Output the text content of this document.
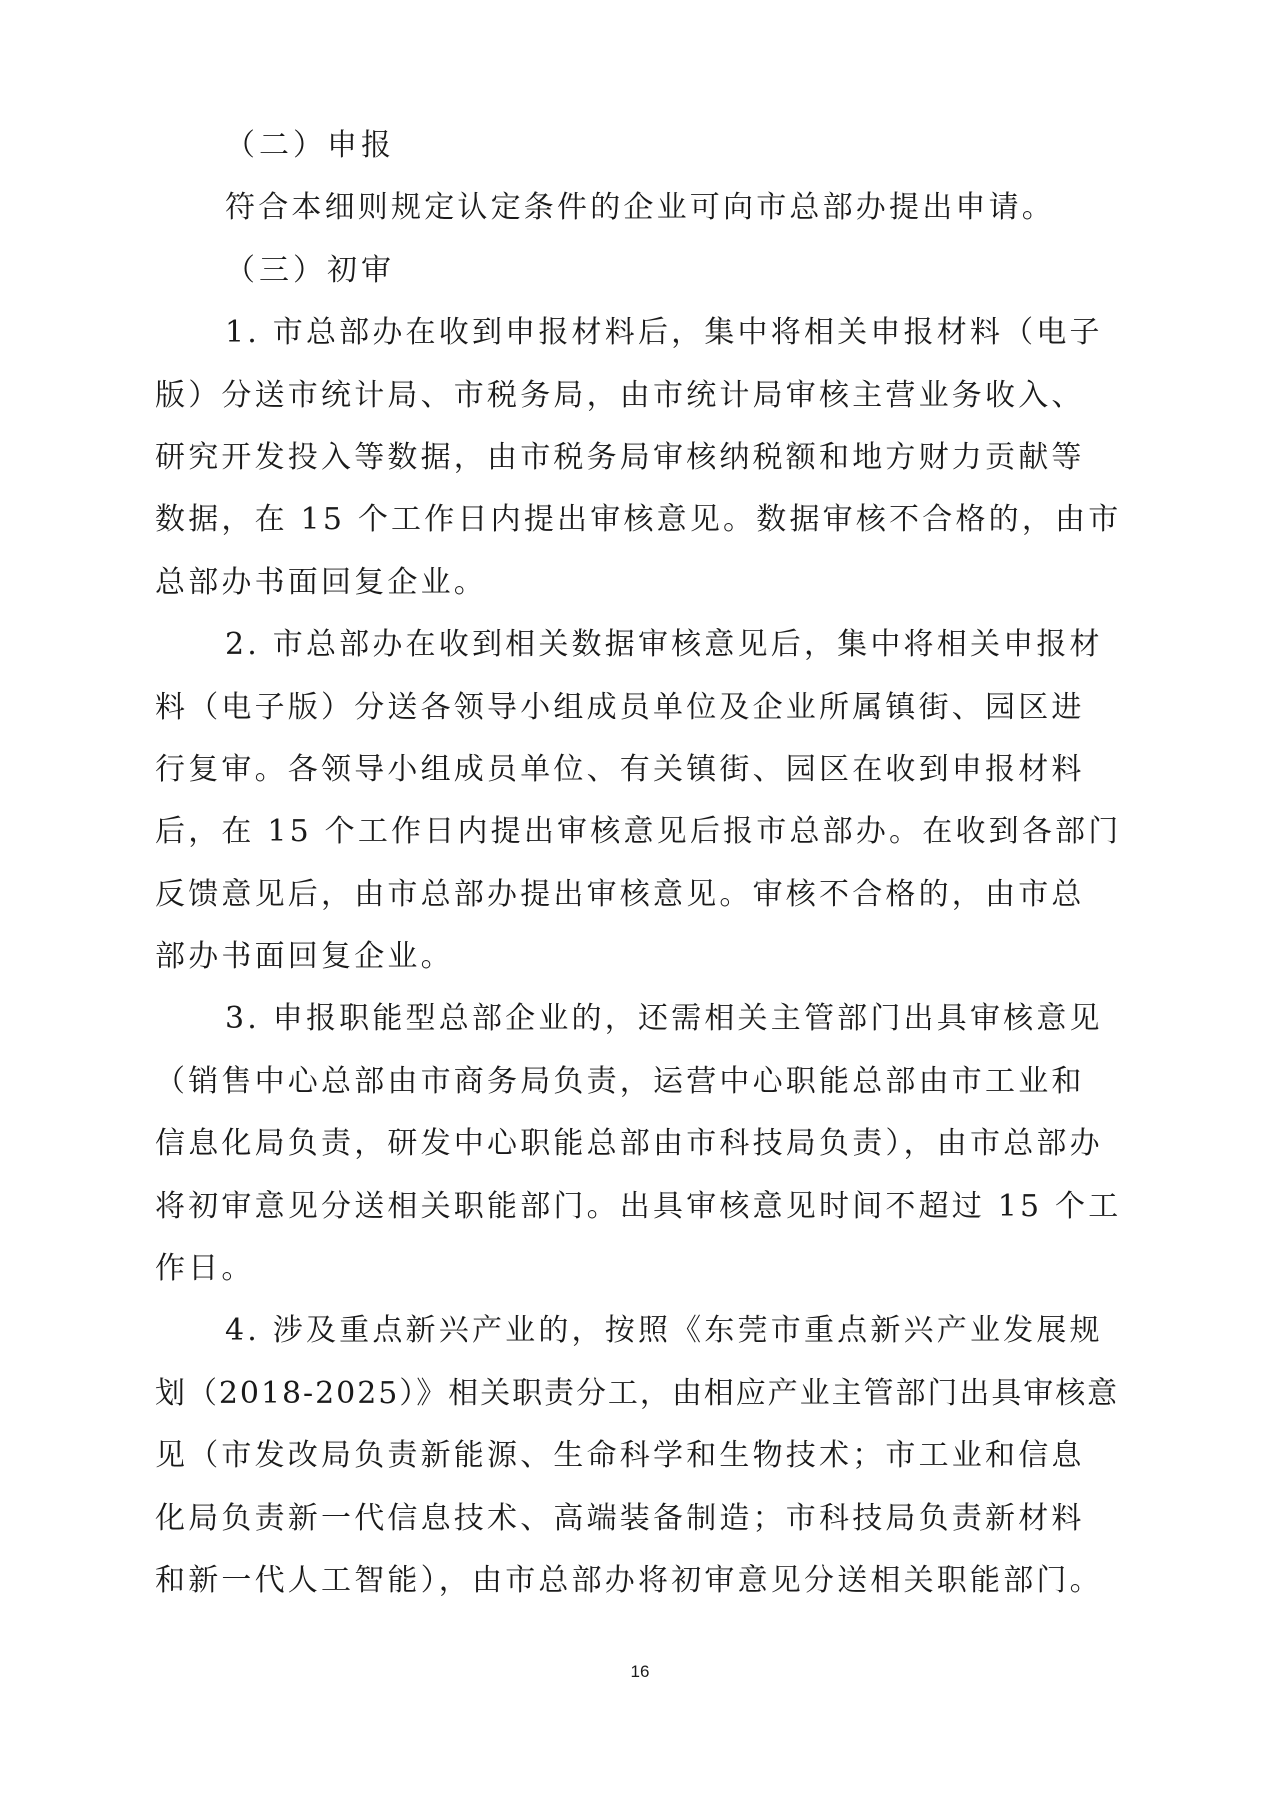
（二）申报
符合本细则规定认定条件的企业可向市总部办提出申请。
（三）初审
1. 市总部办在收到申报材料后，集中将相关申报材料（电子
版）分送市统计局、市税务局，由市统计局审核主营业务收入、
研究开发投入等数据，由市税务局审核纳税额和地方财力贡献等
数据，在 15 个工作日内提出审核意见。数据审核不合格的，由市
总部办书面回复企业。
2. 市总部办在收到相关数据审核意见后，集中将相关申报材
料（电子版）分送各领导小组成员单位及企业所属镇街、园区进
行复审。各领导小组成员单位、有关镇街、园区在收到申报材料
后，在 15 个工作日内提出审核意见后报市总部办。在收到各部门
反馈意见后，由市总部办提出审核意见。审核不合格的，由市总
部办书面回复企业。
3. 申报职能型总部企业的，还需相关主管部门出具审核意见
（销售中心总部由市商务局负责，运营中心职能总部由市工业和
信息化局负责，研发中心职能总部由市科技局负责），由市总部办
将初审意见分送相关职能部门。出具审核意见时间不超过 15 个工
作日。
4. 涉及重点新兴产业的，按照《东莞市重点新兴产业发展规
划（2018-2025）》相关职责分工，由相应产业主管部门出具审核意
见（市发改局负责新能源、生命科学和生物技术；市工业和信息
化局负责新一代信息技术、高端装备制造；市科技局负责新材料
和新一代人工智能），由市总部办将初审意见分送相关职能部门。
16
